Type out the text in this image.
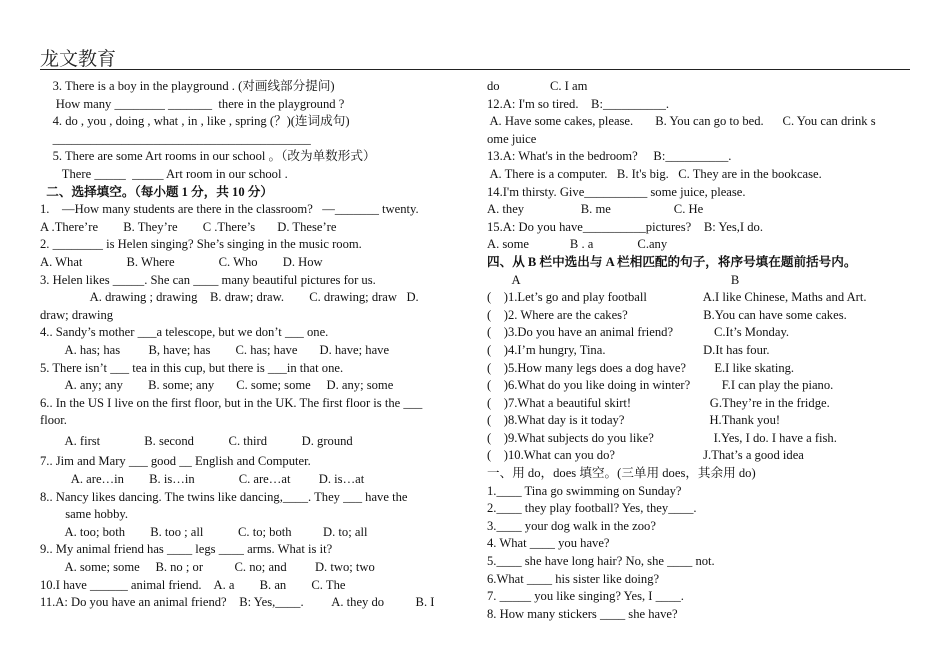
龙文教育
3. There is a boy in the playground . (对画线部分提问)
How many ________ _______  there in the playground ?
4. do , you , doing , what , in , like , spring (？)(连词成句)
_________________________________________
5. There are some Art rooms in our school 。（改为单数形式）
There _____  _____ Art room in our school .
二、选择填空。（每小题 1 分，共 10 分）
1.    —How many students are there in the classroom?   —_______ twenty.
A .There’re        B. They’re        C .There’s       D. These’re
2. ________ is Helen singing? She’s singing in the music room.
A. What              B. Where              C. Who        D. How
3. Helen likes _____. She can ____ many beautiful pictures for us.
A. drawing ; drawing    B. draw; draw.        C. drawing; draw   D.
draw; drawing
4.. Sandy’s mother ___a telescope, but we don’t ___ one.
A. has; has         B, have; has        C. has; have       D. have; have
5. There isn’t ___ tea in this cup, but there is ___in that one.
A. any; any        B. some; any       C. some; some     D. any; some
6.. In the US I live on the first floor, but in the UK. The first floor is the ___
floor.
A. first              B. second           C. third           D. ground
7.. Jim and Mary ___ good __ English and Computer.
A. are…in        B. is…in              C. are…at         D. is…at
8.. Nancy likes dancing. The twins like dancing,____. They ___ have the
same hobby.
A. too; both        B. too ; all           C. to; both          D. to; all
9.. My animal friend has ____ legs ____ arms. What is it?
A. some; some     B. no ; or          C. no; and         D. two; two
10.I have ______ animal friend.    A. a        B. an        C. The
11.A: Do you have an animal friend?    B: Yes,____.         A. they do          B. I
do                C. I am
12.A: I'm so tired.    B:__________.
A. Have some cakes, please.       B. You can go to bed.      C. You can drink s
ome juice
13.A: What's in the bedroom?     B:__________.
A. There is a computer.   B. It's big.   C. They are in the bookcase.
14.I'm thirsty. Give__________ some juice, please.
A. they                  B. me                    C. He
15.A: Do you have__________pictures?    B: Yes,I do.
A. some             B . a              C.any
四、从 B 栏中选出与 A 栏相匹配的句子，将序号填在题前括号内。
A                                                                   B
(    )1.Let’s go and play football                  A.I like Chinese, Maths and Art.
(    )2. Where are the cakes?                        B.You can have some cakes.
(    )3.Do you have an animal friend?             C.It’s Monday.
(    )4.I’m hungry, Tina.                               D.It has four.
(    )5.How many legs does a dog have?         E.I like skating.
(    )6.What do you like doing in winter?          F.I can play the piano.
(    )7.What a beautiful skirt!                         G.They’re in the fridge.
(    )8.What day is it today?                           H.Thank you!
(    )9.What subjects do you like?                   I.Yes, I do. I have a fish.
(    )10.What can you do?                            J.That’s a good idea
一、用 do，does 填空。(三单用 does，其余用 do)
1.____ Tina go swimming on Sunday?
2.____ they play football? Yes, they____.
3.____ your dog walk in the zoo?
4. What ____ you have?
5.____ she have long hair? No, she ____ not.
6.What ____ his sister like doing?
7. _____ you like singing? Yes, I ____.
8. How many stickers ____ she have?
